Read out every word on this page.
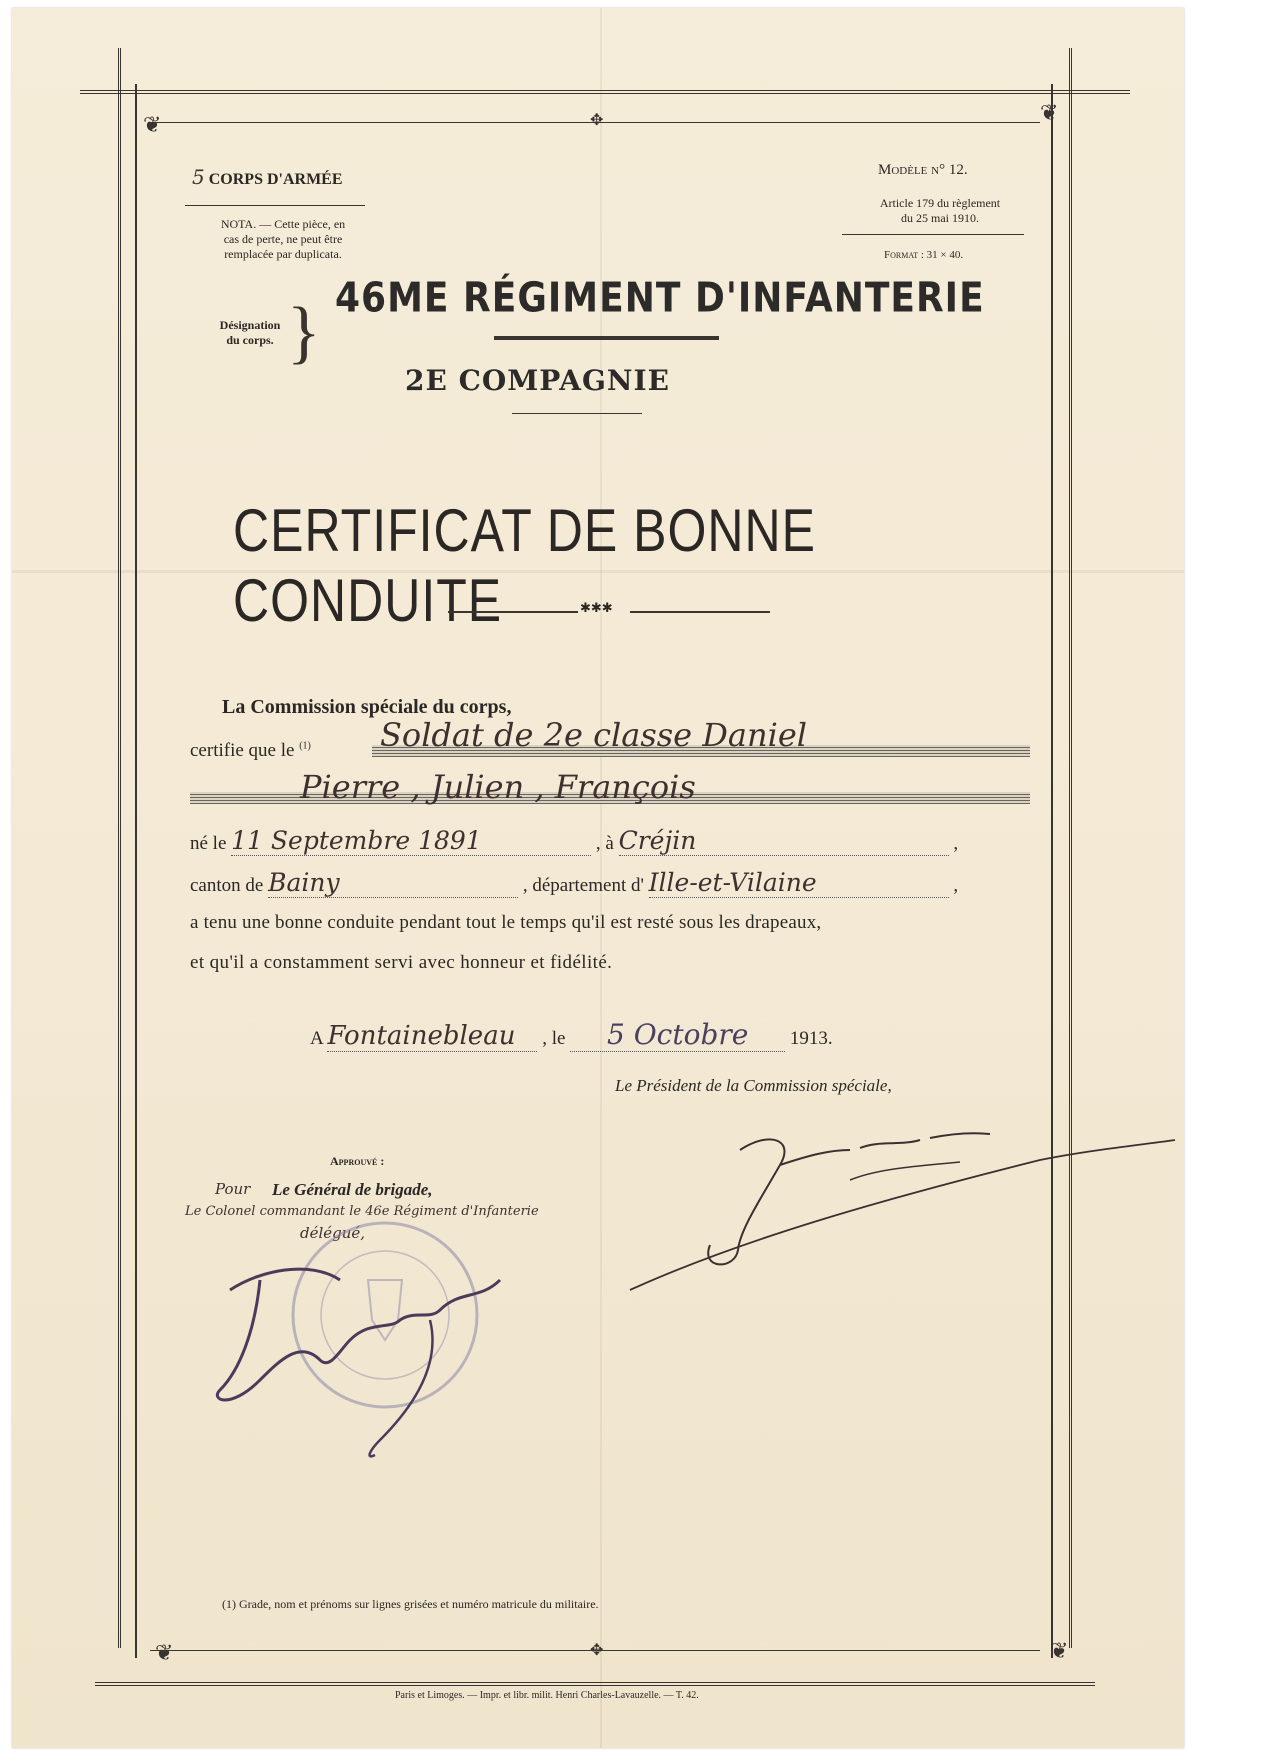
❦	❦
✥
❦	❦
✥
5 CORPS D'ARMÉE
NOTA. — Cette pièce, en
cas de perte, ne peut être
remplacée par duplicata.
Modèle n° 12.
Article 179 du règlement
du 25 mai 1910.
Format : 31 × 40.
Désignation
du corps. } 46ME RÉGIMENT D'INFANTERIE
2E COMPAGNIE
CERTIFICAT DE BONNE CONDUITE	✱✱✱
La Commission spéciale du corps,
certifie que le $^{(1)}$ Soldat de 2e classe Daniel
Pierre , Julien , François
né le 11 Septembre 1891	, à Créjin	,
canton de Bainy	, département d' Ille-et-Vilaine	,
a tenu une bonne conduite pendant tout le temps qu'il est resté sous les drapeaux,
et qu'il a constamment servi avec honneur et fidélité.
A Fontainebleau , le 5 Octobre 1913.
Le Président de la Commission spéciale,
Approuvé :
Pour Le Général de brigade,
Le Colonel commandant le 46e Régiment d'Infanterie
délégué,
(1) Grade, nom et prénoms sur lignes grisées et numéro matricule du militaire.
Paris et Limoges. — Impr. et libr. milit. Henri Charles-Lavauzelle. — T. 42.
